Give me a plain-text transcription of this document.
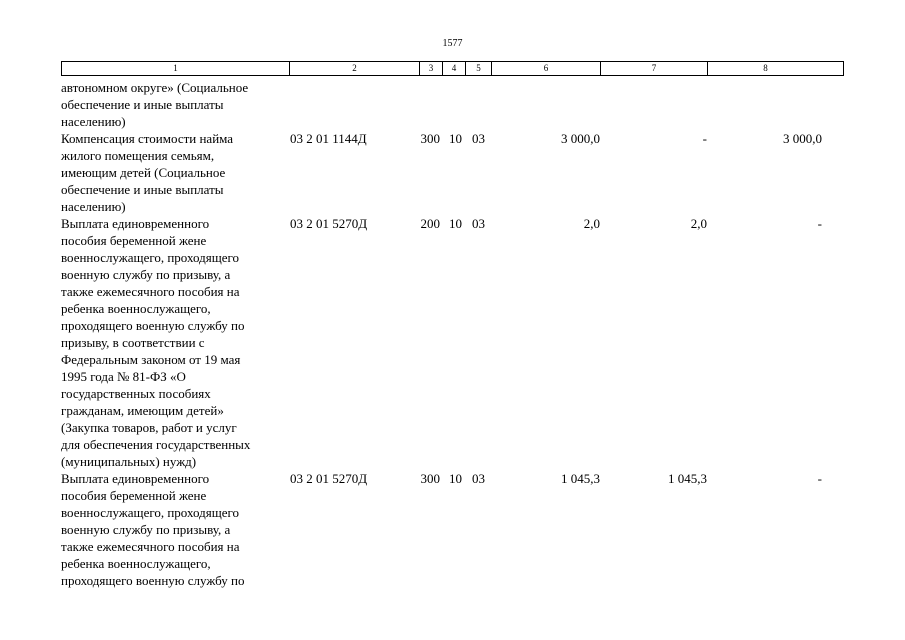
1577
1	2	3	4	5	6	7	8
автономном округе» (Социальное
обеспечение и иные выплаты
населению)
Компенсация стоимости найма
жилого помещения семьям,
имеющим детей (Социальное
обеспечение и иные выплаты
населению)
03 2 01 1144Д	300 10 03	3 000,0	-	3 000,0
Выплата единовременного
пособия беременной жене
военнослужащего, проходящего
военную службу по призыву, а
также ежемесячного пособия на
ребенка военнослужащего,
проходящего военную службу по
призыву, в соответствии с
Федеральным законом от 19 мая
1995 года № 81-ФЗ «О
государственных пособиях
гражданам, имеющим детей»
(Закупка товаров, работ и услуг
для обеспечения государственных
(муниципальных) нужд)
03 2 01 5270Д	200 10 03	2,0	2,0	-
Выплата единовременного
пособия беременной жене
военнослужащего, проходящего
военную службу по призыву, а
также ежемесячного пособия на
ребенка военнослужащего,
проходящего военную службу по
03 2 01 5270Д	300 10 03	1 045,3	1 045,3	-
